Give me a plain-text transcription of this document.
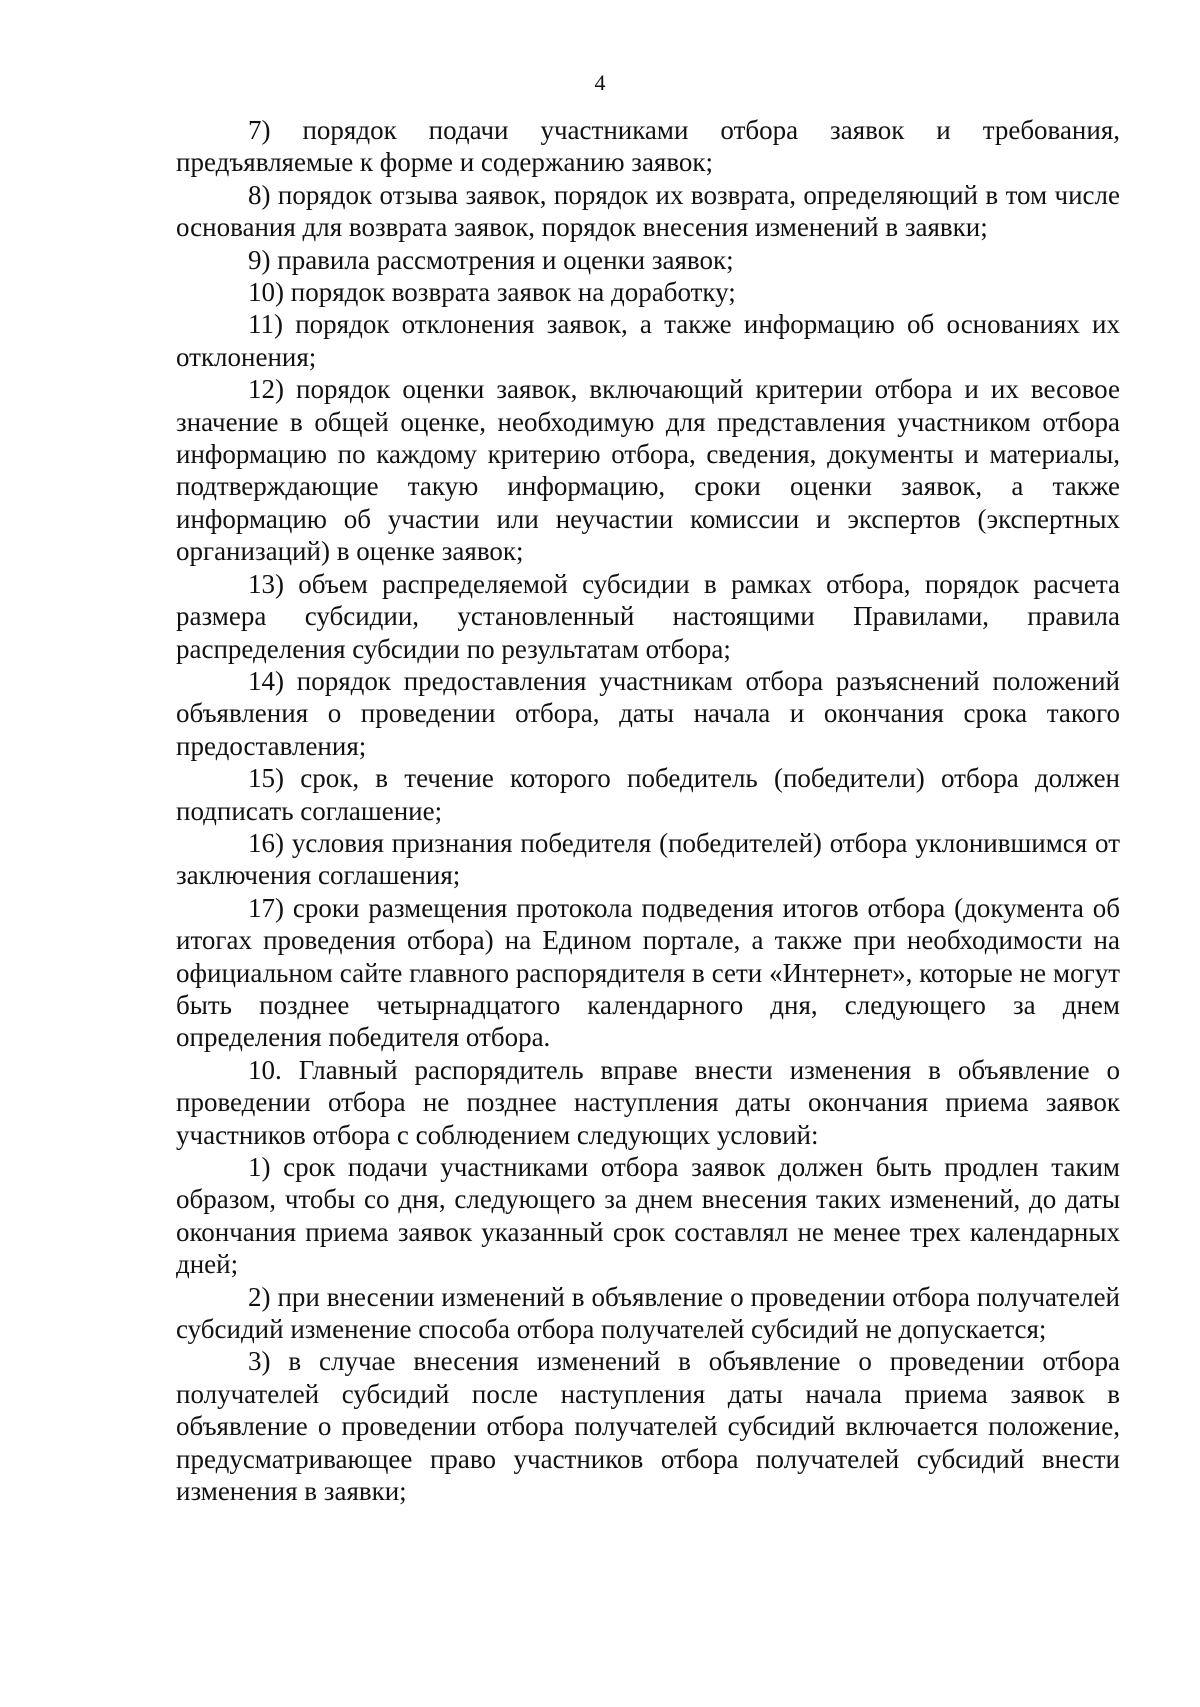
4

7) порядок подачи участниками отбора заявок и требования, предъявляемые к форме и содержанию заявок;

8) порядок отзыва заявок, порядок их возврата, определяющий в том числе основания для возврата заявок, порядок внесения изменений в заявки;

9) правила рассмотрения и оценки заявок;

10) порядок возврата заявок на доработку;

11) порядок отклонения заявок, а также информацию об основаниях их отклонения;

12) порядок оценки заявок, включающий критерии отбора и их весовое значение в общей оценке, необходимую для представления участником отбора информацию по каждому критерию отбора, сведения, документы и материалы, подтверждающие такую информацию, сроки оценки заявок, а также информацию об участии или неучастии комиссии и экспертов (экспертных организаций) в оценке заявок;

13) объем распределяемой субсидии в рамках отбора, порядок расчета размера субсидии, установленный настоящими Правилами, правила распределения субсидии по результатам отбора;

14) порядок предоставления участникам отбора разъяснений положений объявления о проведении отбора, даты начала и окончания срока такого предоставления;

15) срок, в течение которого победитель (победители) отбора должен подписать соглашение;

16) условия признания победителя (победителей) отбора уклонившимся от заключения соглашения;

17) сроки размещения протокола подведения итогов отбора (документа об итогах проведения отбора) на Едином портале, а также при необходимости на официальном сайте главного распорядителя в сети «Интернет», которые не могут быть позднее четырнадцатого календарного дня, следующего за днем определения победителя отбора.

10. Главный распорядитель вправе внести изменения в объявление о проведении отбора не позднее наступления даты окончания приема заявок участников отбора с соблюдением следующих условий:

1) срок подачи участниками отбора заявок должен быть продлен таким образом, чтобы со дня, следующего за днем внесения таких изменений, до даты окончания приема заявок указанный срок составлял не менее трех календарных дней;

2) при внесении изменений в объявление о проведении отбора получателей субсидий изменение способа отбора получателей субсидий не допускается;

3) в случае внесения изменений в объявление о проведении отбора получателей субсидий после наступления даты начала приема заявок в объявление о проведении отбора получателей субсидий включается положение, предусматривающее право участников отбора получателей субсидий внести изменения в заявки;
